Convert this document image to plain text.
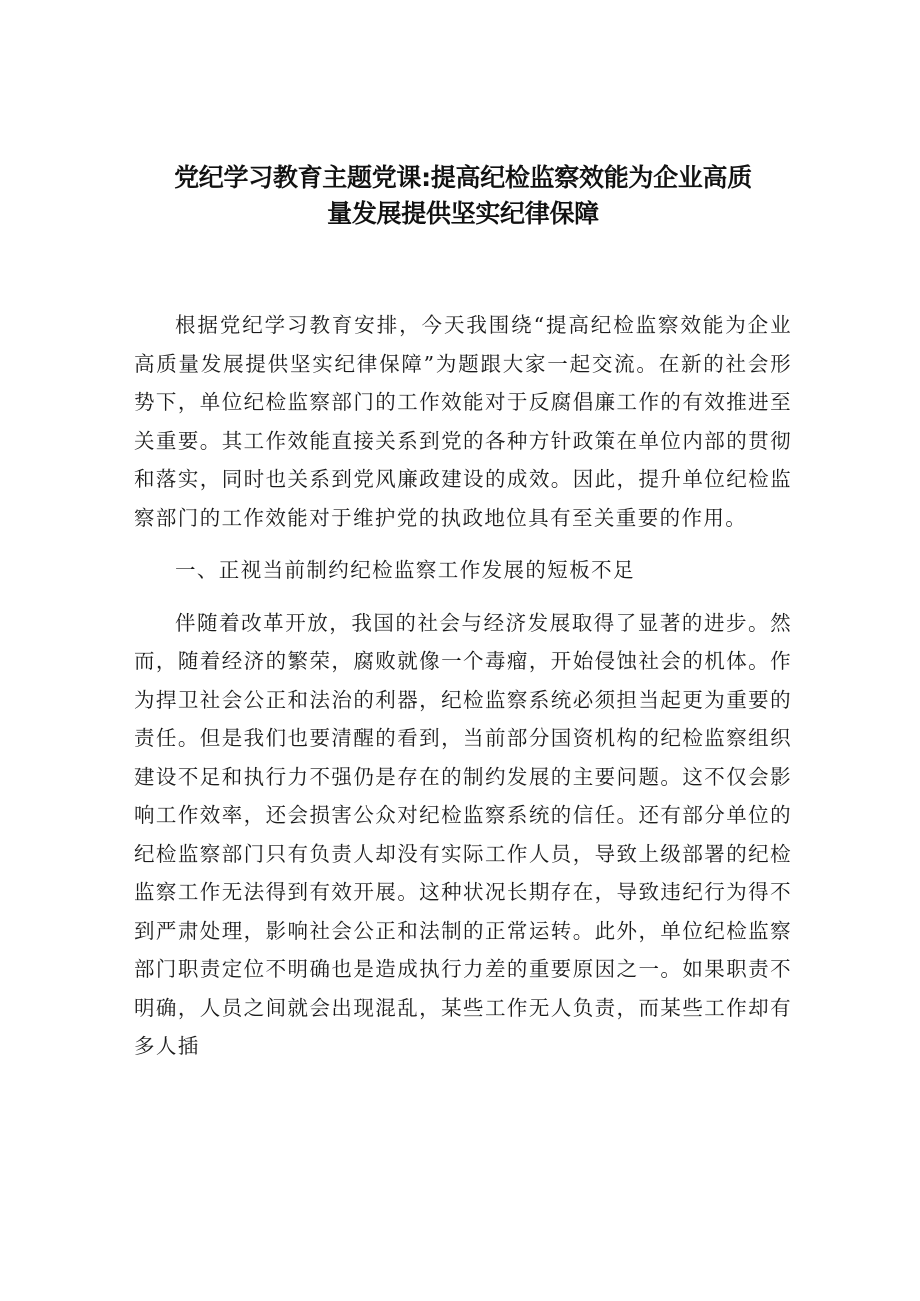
党纪学习教育主题党课:提高纪检监察效能为企业高质
量发展提供坚实纪律保障

根据党纪学习教育安排，今天我围绕“提高纪检监察效能为企业高质量发展提供坚实纪律保障”为题跟大家一起交流。在新的社会形势下，单位纪检监察部门的工作效能对于反腐倡廉工作的有效推进至关重要。其工作效能直接关系到党的各种方针政策在单位内部的贯彻和落实，同时也关系到党风廉政建设的成效。因此，提升单位纪检监察部门的工作效能对于维护党的执政地位具有至关重要的作用。

一、正视当前制约纪检监察工作发展的短板不足

伴随着改革开放，我国的社会与经济发展取得了显著的进步。然而，随着经济的繁荣，腐败就像一个毒瘤，开始侵蚀社会的机体。作为捍卫社会公正和法治的利器，纪检监察系统必须担当起更为重要的责任。但是我们也要清醒的看到，当前部分国资机构的纪检监察组织建设不足和执行力不强仍是存在的制约发展的主要问题。这不仅会影响工作效率，还会损害公众对纪检监察系统的信任。还有部分单位的纪检监察部门只有负责人却没有实际工作人员，导致上级部署的纪检监察工作无法得到有效开展。这种状况长期存在，导致违纪行为得不到严肃处理，影响社会公正和法制的正常运转。此外，单位纪检监察部门职责定位不明确也是造成执行力差的重要原因之一。如果职责不明确，人员之间就会出现混乱，某些工作无人负责，而某些工作却有多人插
